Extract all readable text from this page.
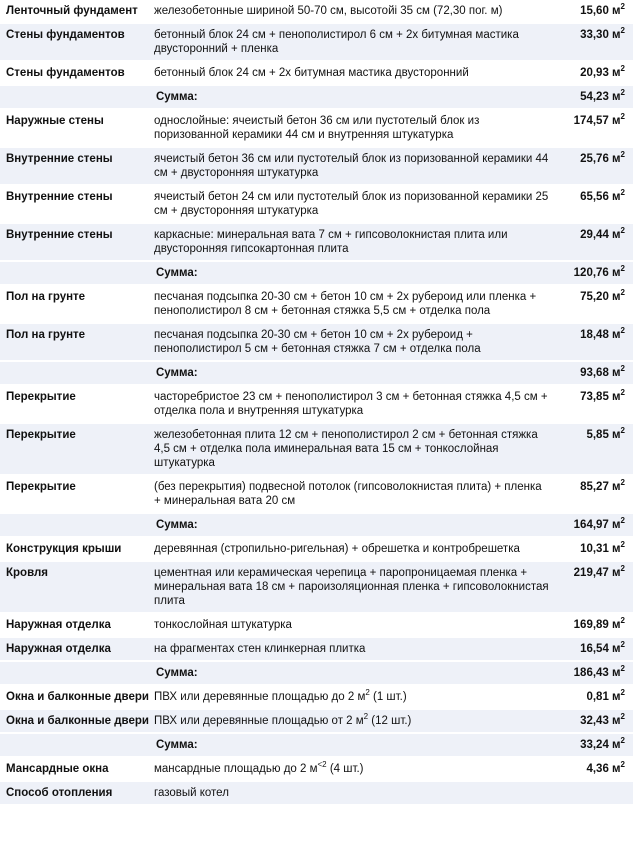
Ленточный фундамент	железобетонные шириной 50-70 см, высотойі 35 см (72,30 пог. м)	15,60 $м^2$
Стены фундаментов	бетонный блок 24 см + пенополистирол 6 см + 2х битумная мастика двусторонний + пленка	33,30 $м^2$
Стены фундаментов	бетонный блок 24 см + 2х битумная мастика двусторонний	20,93 $м^2$
	Сумма:	54,23 $м^2$
Наружные стены	однослойные: ячеистый бетон 36 см или пустотелый блок из поризованной керамики 44 см и внутренняя штукатурка	174,57 $м^2$
Внутренние стены	ячеистый бетон 36 см или пустотелый блок из поризованной керамики 44 см + двусторонняя штукатурка	25,76 $м^2$
Внутренние стены	ячеистый бетон 24 см или пустотелый блок из поризованной керамики 25 см + двусторонняя штукатурка	65,56 $м^2$
Внутренние стены	каркасные: минеральная вата 7 см + гипсоволокнистая плита или двусторонняя гипсокартонная плита	29,44 $м^2$
	Сумма:	120,76 $м^2$
Пол на грунте	песчаная подсыпка 20-30 см + бетон 10 см + 2х рубероид или пленка + пенополистирол 8 см + бетонная стяжка 5,5 см + отделка пола	75,20 $м^2$
Пол на грунте	песчаная подсыпка 20-30 см + бетон 10 см + 2х рубероид + пенополистирол 5 см + бетонная стяжка 7 см + отделка пола	18,48 $м^2$
	Сумма:	93,68 $м^2$
Перекрытие	часторебристое 23 см + пенополистирол 3 см + бетонная стяжка 4,5 см + отделка пола и внутренняя штукатурка	73,85 $м^2$
Перекрытие	железобетонная плита 12 см + пенополистирол 2 см + бетонная стяжка 4,5 см + отделка пола иминеральная вата 15 см + тонкослойная штукатурка	5,85 $м^2$
Перекрытие	(без перекрытия) подвесной потолок (гипсоволокнистая плита) + пленка + минеральная вата 20 см	85,27 $м^2$
	Сумма:	164,97 $м^2$
Конструкция крыши	деревянная (стропильно-ригельная) + обрешетка и контробрешетка	10,31 $м^2$
Кровля	цементная или керамическая черепица + паропроницаемая пленка + минеральная вата 18 см + пароизоляционная пленка + гипсоволокнистая плита	219,47 $м^2$
Наружная отделка	тонкослойная штукатурка	169,89 $м^2$
Наружная отделка	на фрагментах стен клинкерная плитка	16,54 $м^2$
	Сумма:	186,43 $м^2$
Окна и балконные двери	ПВХ или деревянные площадью до 2 $м^2$ (1 шт.)	0,81 $м^2$
Окна и балконные двери	ПВХ или деревянные площадью от 2 $м^2$ (12 шт.)	32,43 $м^2$
	Сумма:	33,24 $м^2$
Мансардные окна	мансардные площадью до 2 $м^{<2}$ (4 шт.)	4,36 $м^2$
Способ отопления	газовый котел	
